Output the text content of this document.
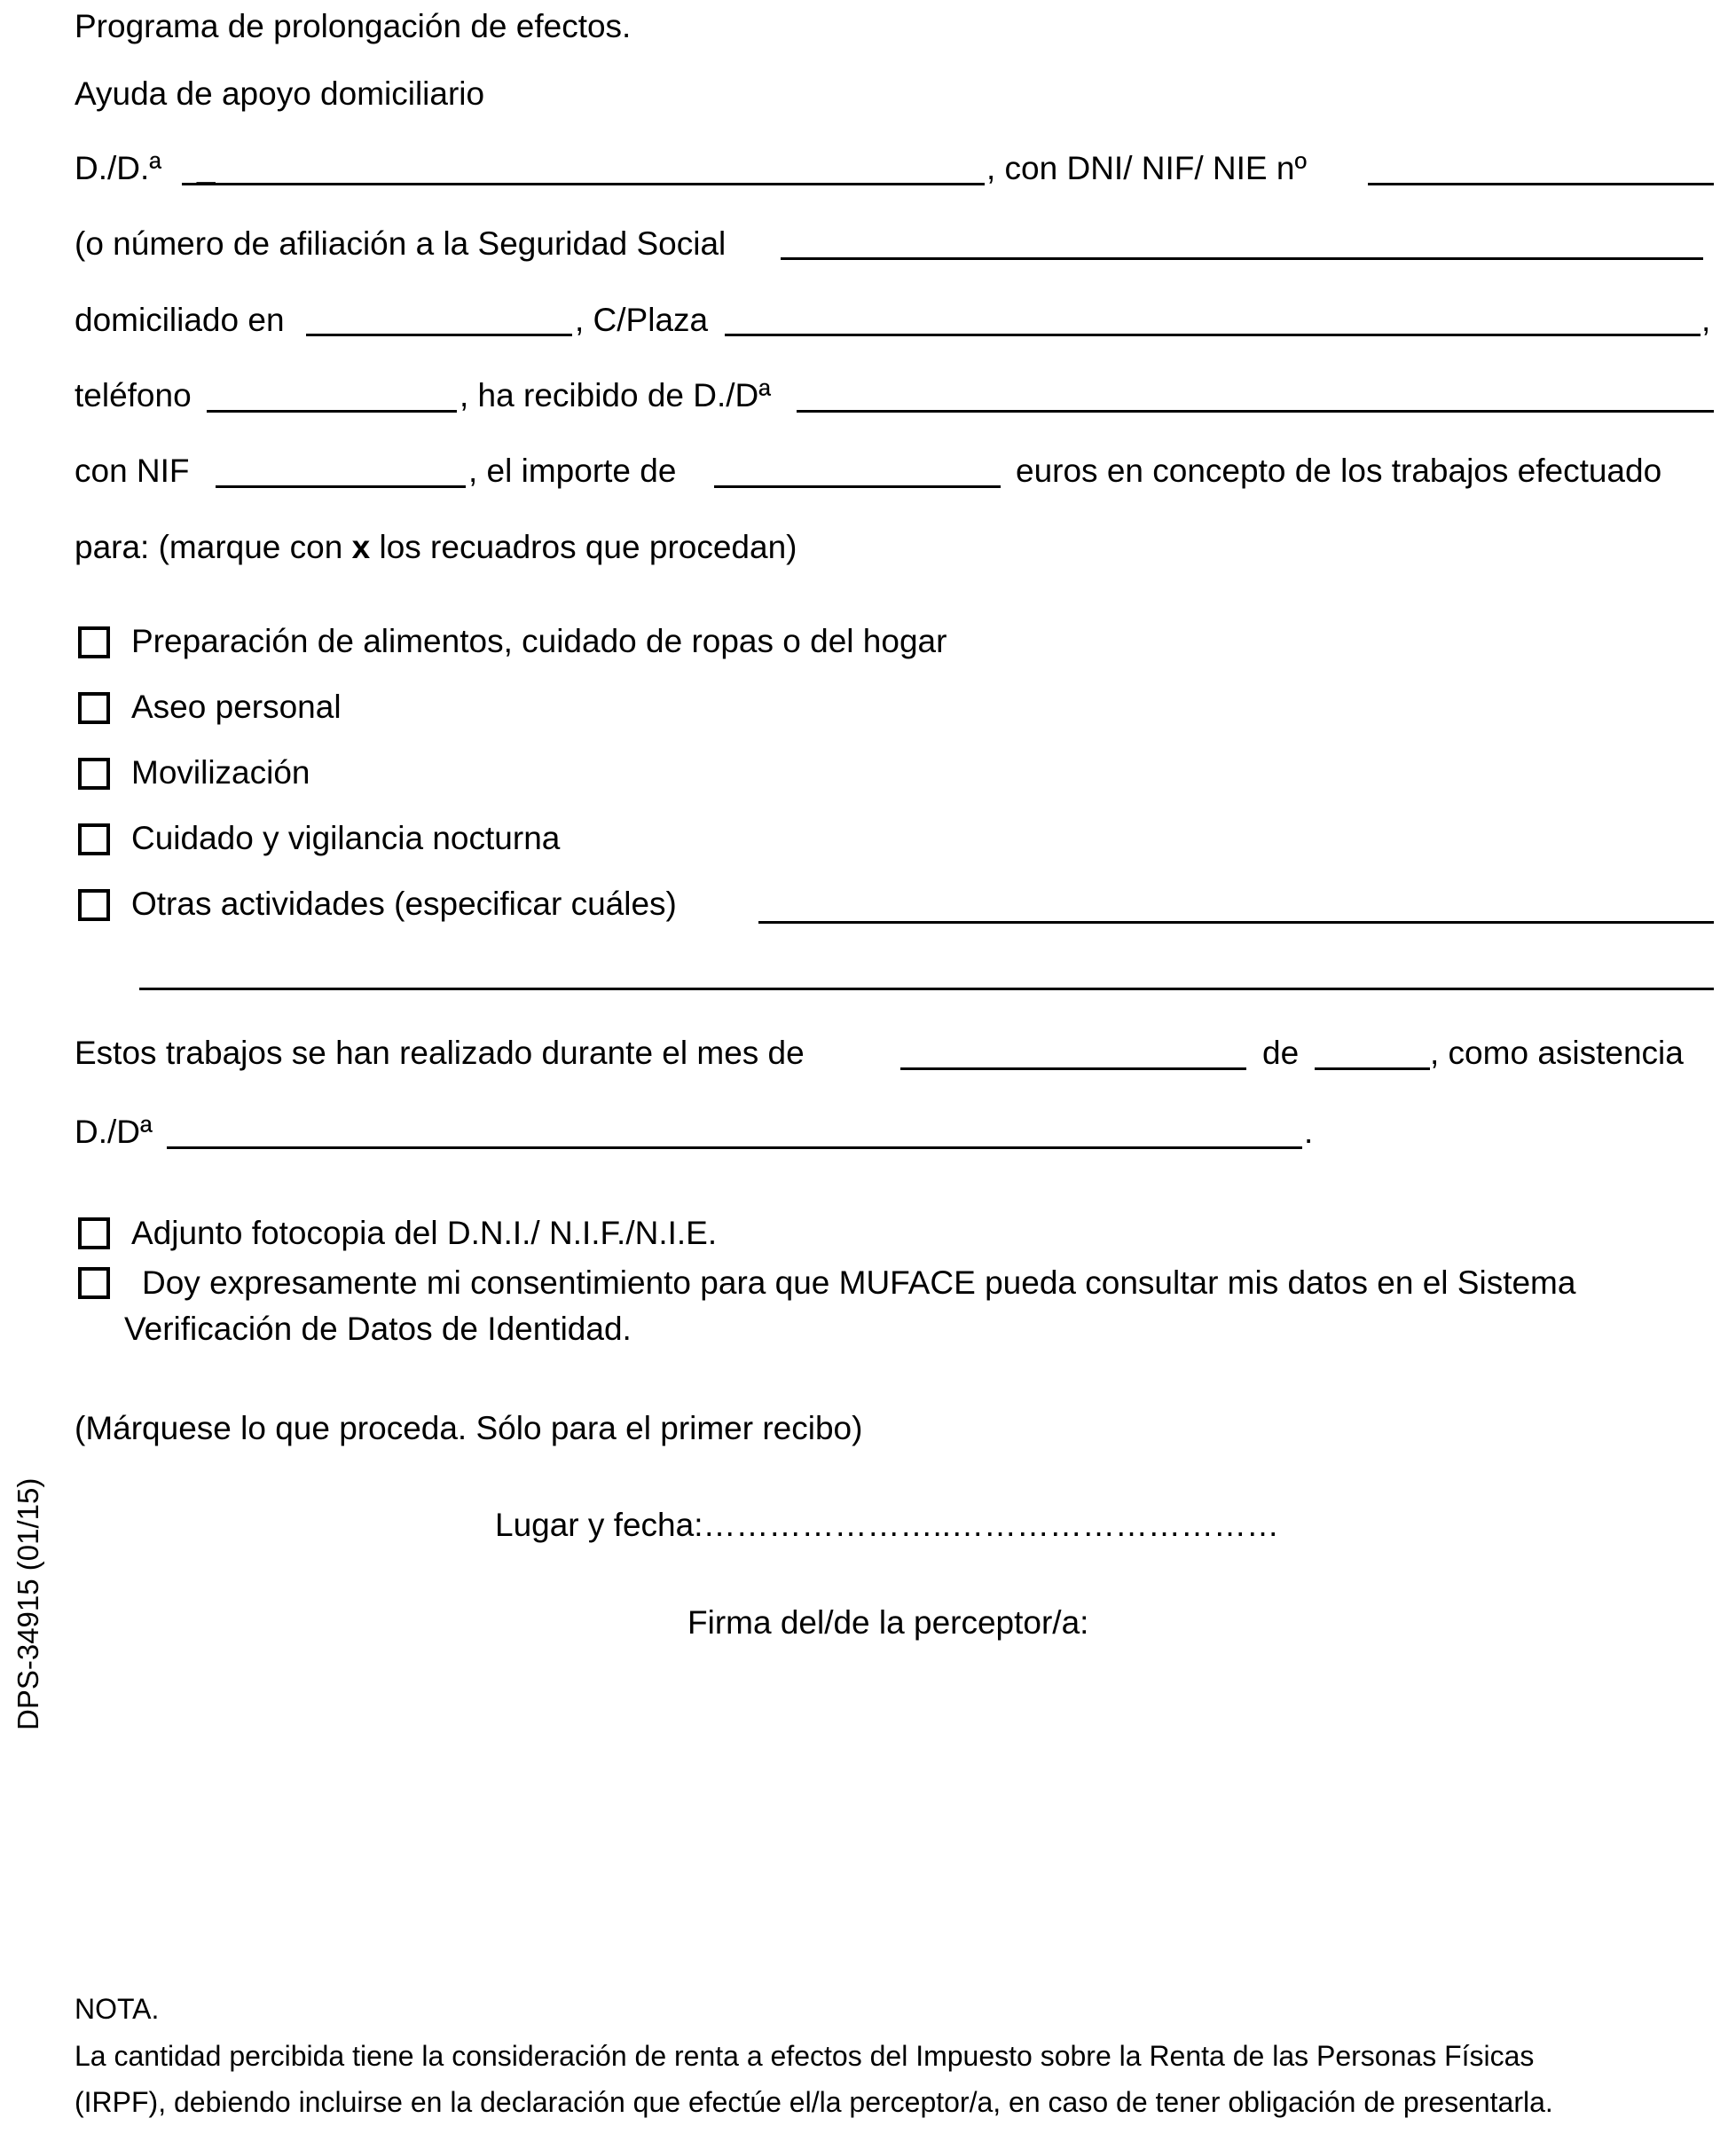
Programa de prolongación de efectos.
Ayuda de apoyo domiciliario
D./D.ª _	, con DNI/ NIF/ NIE nº
(o número de afiliación a la Seguridad Social
domiciliado en	, C/Plaza	,
teléfono	, ha recibido de D./Dª
con NIF	, el importe de	euros en concepto de los trabajos efectuado
para: (marque con x los recuadros que procedan)
Preparación de alimentos, cuidado de ropas o del hogar
Aseo personal
Movilización
Cuidado y vigilancia nocturna
Otras actividades (especificar cuáles)
Estos trabajos se han realizado durante el mes de	de	, como asistencia
D./Dª	.
Adjunto fotocopia del D.N.I./ N.I.F./N.I.E.
Doy expresamente mi consentimiento para que MUFACE pueda consultar mis datos en el Sistema
Verificación de Datos de Identidad.
(Márquese lo que proceda. Sólo para el primer recibo)
Lugar y fecha:…………………..…………………………
Firma del/de la perceptor/a:
DPS-34915 (01/15)
NOTA.
La cantidad percibida tiene la consideración de renta a efectos del Impuesto sobre la Renta de las Personas Físicas
(IRPF), debiendo incluirse en la declaración que efectúe el/la perceptor/a, en caso de tener obligación de presentarla.
